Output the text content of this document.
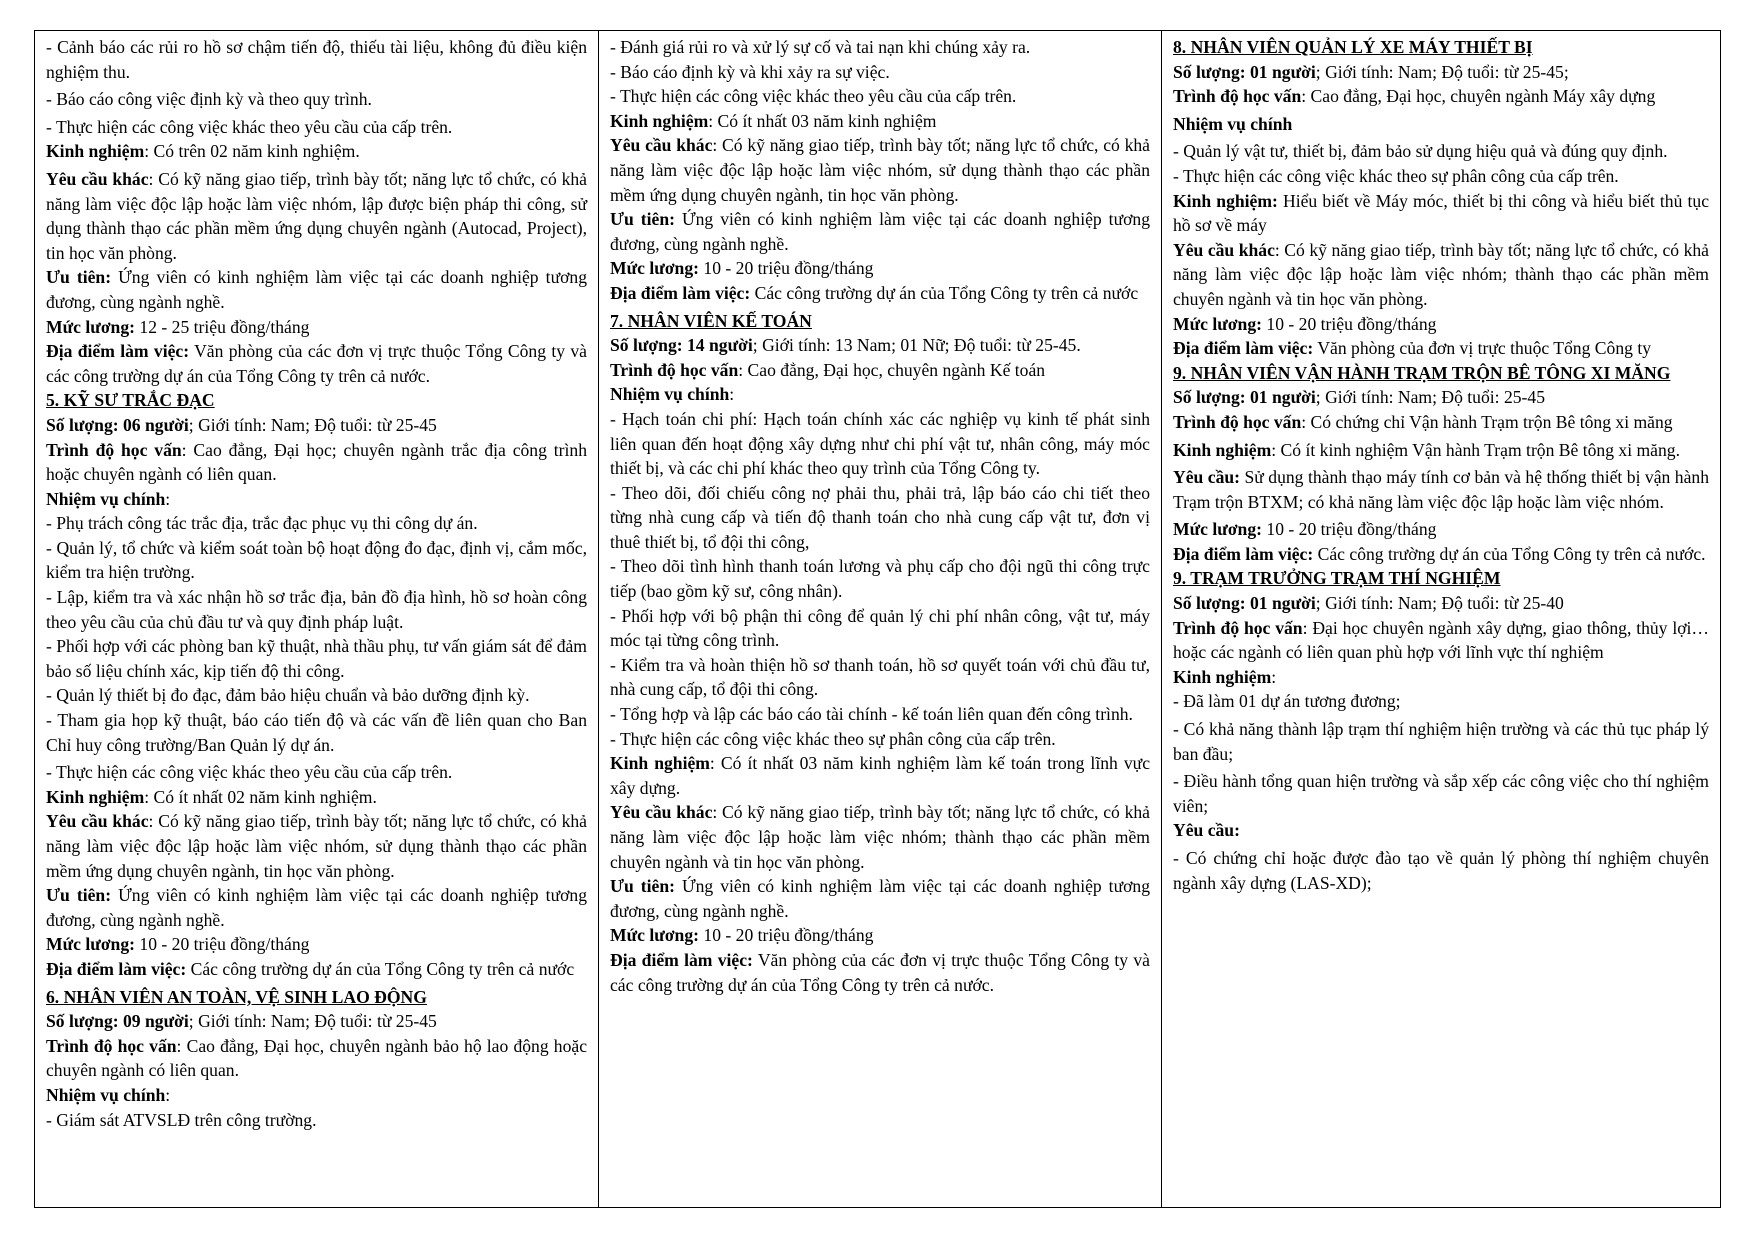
- Cảnh báo các rủi ro hồ sơ chậm tiến độ, thiếu tài liệu, không đủ điều kiện nghiệm thu.

- Báo cáo công việc định kỳ và theo quy trình.

- Thực hiện các công việc khác theo yêu cầu của cấp trên.

Kinh nghiệm: Có trên 02 năm kinh nghiệm.

Yêu cầu khác: Có kỹ năng giao tiếp, trình bày tốt; năng lực tổ chức, có khả năng làm việc độc lập hoặc làm việc nhóm, lập được biện pháp thi công, sử dụng thành thạo các phần mềm ứng dụng chuyên ngành (Autocad, Project), tin học văn phòng.

Ưu tiên: Ứng viên có kinh nghiệm làm việc tại các doanh nghiệp tương đương, cùng ngành nghề.

Mức lương: 12 - 25 triệu đồng/tháng

Địa điểm làm việc: Văn phòng của các đơn vị trực thuộc Tổng Công ty và các công trường dự án của Tổng Công ty trên cả nước.

5. KỸ SƯ TRẮC ĐẠC

Số lượng: 06 người; Giới tính: Nam; Độ tuổi: từ 25-45

Trình độ học vấn: Cao đẳng, Đại học; chuyên ngành trắc địa công trình hoặc chuyên ngành có liên quan.

Nhiệm vụ chính:

- Phụ trách công tác trắc địa, trắc đạc phục vụ thi công dự án.

- Quản lý, tổ chức và kiểm soát toàn bộ hoạt động đo đạc, định vị, cắm mốc, kiểm tra hiện trường.

- Lập, kiểm tra và xác nhận hồ sơ trắc địa, bản đồ địa hình, hồ sơ hoàn công theo yêu cầu của chủ đầu tư và quy định pháp luật.

- Phối hợp với các phòng ban kỹ thuật, nhà thầu phụ, tư vấn giám sát để đảm bảo số liệu chính xác, kịp tiến độ thi công.

- Quản lý thiết bị đo đạc, đảm bảo hiệu chuẩn và bảo dưỡng định kỳ.

- Tham gia họp kỹ thuật, báo cáo tiến độ và các vấn đề liên quan cho Ban Chỉ huy công trường/Ban Quản lý dự án.

- Thực hiện các công việc khác theo yêu cầu của cấp trên.

Kinh nghiệm: Có ít nhất 02 năm kinh nghiệm.

Yêu cầu khác: Có kỹ năng giao tiếp, trình bày tốt; năng lực tổ chức, có khả năng làm việc độc lập hoặc làm việc nhóm, sử dụng thành thạo các phần mềm ứng dụng chuyên ngành, tin học văn phòng.

Ưu tiên: Ứng viên có kinh nghiệm làm việc tại các doanh nghiệp tương đương, cùng ngành nghề.

Mức lương: 10 - 20 triệu đồng/tháng

Địa điểm làm việc: Các công trường dự án của Tổng Công ty trên cả nước

6. NHÂN VIÊN AN TOÀN, VỆ SINH LAO ĐỘNG

Số lượng: 09 người; Giới tính: Nam; Độ tuổi: từ 25-45

Trình độ học vấn: Cao đẳng, Đại học, chuyên ngành bảo hộ lao động hoặc chuyên ngành có liên quan.

Nhiệm vụ chính:

- Giám sát ATVSLĐ trên công trường.

- Đánh giá rủi ro và xử lý sự cố và tai nạn khi chúng xảy ra.

- Báo cáo định kỳ và khi xảy ra sự việc.

- Thực hiện các công việc khác theo yêu cầu của cấp trên.

Kinh nghiệm: Có ít nhất 03 năm kinh nghiệm

Yêu cầu khác: Có kỹ năng giao tiếp, trình bày tốt; năng lực tổ chức, có khả năng làm việc độc lập hoặc làm việc nhóm, sử dụng thành thạo các phần mềm ứng dụng chuyên ngành, tin học văn phòng.

Ưu tiên: Ứng viên có kinh nghiệm làm việc tại các doanh nghiệp tương đương, cùng ngành nghề.

Mức lương: 10 - 20 triệu đồng/tháng

Địa điểm làm việc: Các công trường dự án của Tổng Công ty trên cả nước

7. NHÂN VIÊN KẾ TOÁN

Số lượng: 14 người; Giới tính: 13 Nam; 01 Nữ; Độ tuổi: từ 25-45.

Trình độ học vấn: Cao đẳng, Đại học, chuyên ngành Kế toán

Nhiệm vụ chính:

- Hạch toán chi phí: Hạch toán chính xác các nghiệp vụ kinh tế phát sinh liên quan đến hoạt động xây dựng như chi phí vật tư, nhân công, máy móc thiết bị, và các chi phí khác theo quy trình của Tổng Công ty.

- Theo dõi, đối chiếu công nợ phải thu, phải trả, lập báo cáo chi tiết theo từng nhà cung cấp và tiến độ thanh toán cho nhà cung cấp vật tư, đơn vị thuê thiết bị, tổ đội thi công,

- Theo dõi tình hình thanh toán lương và phụ cấp cho đội ngũ thi công trực tiếp (bao gồm kỹ sư, công nhân).

- Phối hợp với bộ phận thi công để quản lý chi phí nhân công, vật tư, máy móc tại từng công trình.

- Kiểm tra và hoàn thiện hồ sơ thanh toán, hồ sơ quyết toán với chủ đầu tư, nhà cung cấp, tổ đội thi công.

- Tổng hợp và lập các báo cáo tài chính - kế toán liên quan đến công trình.

- Thực hiện các công việc khác theo sự phân công của cấp trên.

Kinh nghiệm: Có ít nhất 03 năm kinh nghiệm làm kế toán trong lĩnh vực xây dựng.

Yêu cầu khác: Có kỹ năng giao tiếp, trình bày tốt; năng lực tổ chức, có khả năng làm việc độc lập hoặc làm việc nhóm; thành thạo các phần mềm chuyên ngành và tin học văn phòng.

Ưu tiên: Ứng viên có kinh nghiệm làm việc tại các doanh nghiệp tương đương, cùng ngành nghề.

Mức lương: 10 - 20 triệu đồng/tháng

Địa điểm làm việc: Văn phòng của các đơn vị trực thuộc Tổng Công ty và các công trường dự án của Tổng Công ty trên cả nước.

8. NHÂN VIÊN QUẢN LÝ XE MÁY THIẾT BỊ

Số lượng: 01 người; Giới tính: Nam; Độ tuổi: từ 25-45;

Trình độ học vấn: Cao đẳng, Đại học, chuyên ngành Máy xây dựng

Nhiệm vụ chính

- Quản lý vật tư, thiết bị, đảm bảo sử dụng hiệu quả và đúng quy định.

- Thực hiện các công việc khác theo sự phân công của cấp trên.

Kinh nghiệm: Hiểu biết về Máy móc, thiết bị thi công và hiểu biết thủ tục hồ sơ về máy

Yêu cầu khác: Có kỹ năng giao tiếp, trình bày tốt; năng lực tổ chức, có khả năng làm việc độc lập hoặc làm việc nhóm; thành thạo các phần mềm chuyên ngành và tin học văn phòng.

Mức lương: 10 - 20 triệu đồng/tháng

Địa điểm làm việc: Văn phòng của đơn vị trực thuộc Tổng Công ty

9. NHÂN VIÊN VẬN HÀNH TRẠM TRỘN BÊ TÔNG XI MĂNG

Số lượng: 01 người; Giới tính: Nam; Độ tuổi: 25-45

Trình độ học vấn: Có chứng chỉ Vận hành Trạm trộn Bê tông xi măng

Kinh nghiệm: Có ít kinh nghiệm Vận hành Trạm trộn Bê tông xi măng.

Yêu cầu: Sử dụng thành thạo máy tính cơ bản và hệ thống thiết bị vận hành Trạm trộn BTXM; có khả năng làm việc độc lập hoặc làm việc nhóm.

Mức lương: 10 - 20 triệu đồng/tháng

Địa điểm làm việc: Các công trường dự án của Tổng Công ty trên cả nước.

9. TRẠM TRƯỞNG TRẠM THÍ NGHIỆM

Số lượng: 01 người; Giới tính: Nam; Độ tuổi: từ 25-40

Trình độ học vấn: Đại học chuyên ngành xây dựng, giao thông, thủy lợi… hoặc các ngành có liên quan phù hợp với lĩnh vực thí nghiệm

Kinh nghiệm:

- Đã làm 01 dự án tương đương;

- Có khả năng thành lập trạm thí nghiệm hiện trường và các thủ tục pháp lý ban đầu;

- Điều hành tổng quan hiện trường và sắp xếp các công việc cho thí nghiệm viên;

Yêu cầu:

- Có chứng chỉ hoặc được đào tạo về quản lý phòng thí nghiệm chuyên ngành xây dựng (LAS-XD);
